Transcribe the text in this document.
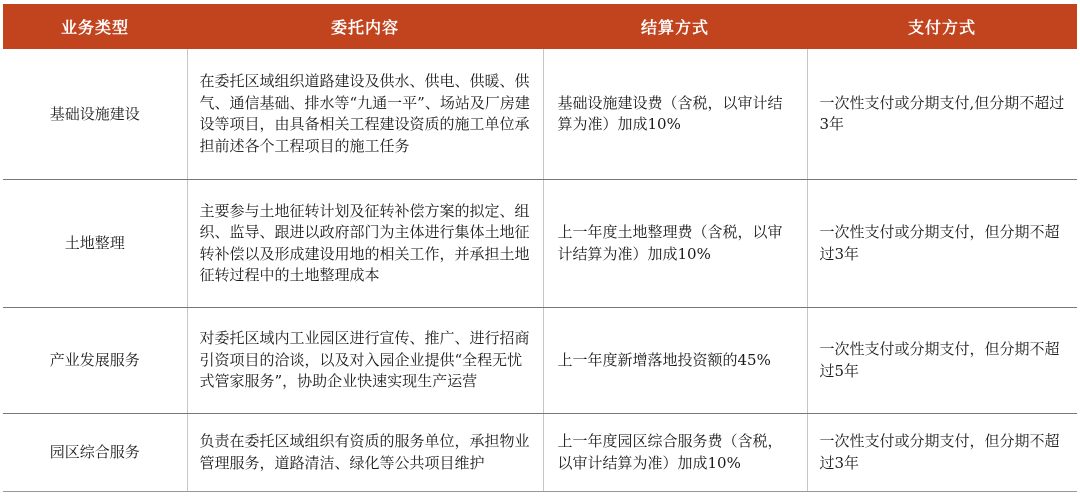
业务类型	委托内容	结算方式	支付方式
基础设施建设	在委托区域组织道路建设及供水、供电、供暖、供气、通信基础、排水等“九通一平”、场站及厂房建设等项目，由具备相关工程建设资质的施工单位承担前述各个工程项目的施工任务	基础设施建设费（含税，以审计结算为准）加成10%	一次性支付或分期支付,但分期不超过3年
土地整理	主要参与土地征转计划及征转补偿方案的拟定、组织、监导、跟进以政府部门为主体进行集体土地征转补偿以及形成建设用地的相关工作，并承担土地征转过程中的土地整理成本	上一年度土地整理费（含税，以审计结算为准）加成10%	一次性支付或分期支付，但分期不超过3年
产业发展服务	对委托区域内工业园区进行宣传、推广、进行招商引资项目的洽谈，以及对入园企业提供“全程无忧式管家服务”，协助企业快速实现生产运营	上一年度新增落地投资额的45%	一次性支付或分期支付，但分期不超过5年
园区综合服务	负责在委托区域组织有资质的服务单位，承担物业管理服务，道路清洁、绿化等公共项目维护	上一年度园区综合服务费（含税，以审计结算为准）加成10%	一次性支付或分期支付，但分期不超过3年
